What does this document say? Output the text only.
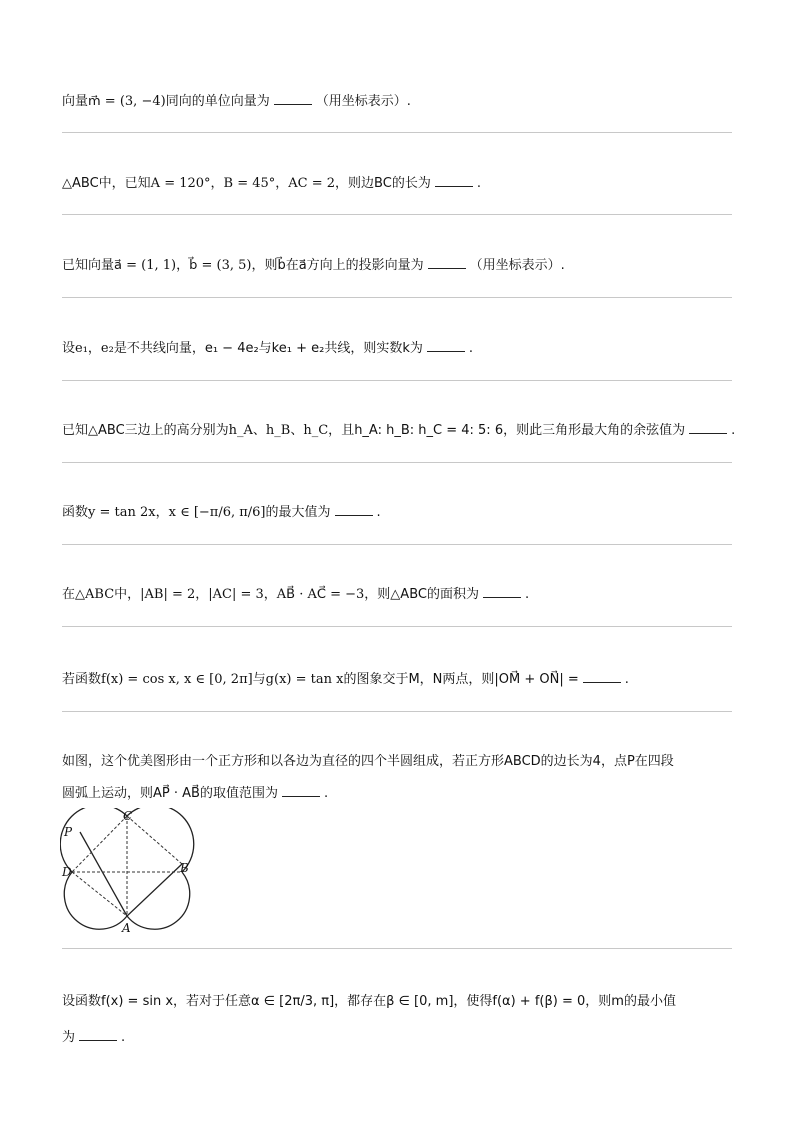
向量m⃗ = (3, −4)同向的单位向量为	（用坐标表示）.
△ABC中，已知A = 120°，B = 45°，AC = 2，则边BC的长为	.
已知向量a⃗ = (1, 1)，b⃗ = (3, 5)，则b⃗在a⃗方向上的投影向量为	（用坐标表示）.
设e₁，e₂是不共线向量，e₁ − 4e₂与ke₁ + e₂共线，则实数k为	.
已知△ABC三边上的高分别为h_A、h_B、h_C，且h_A: h_B: h_C = 4: 5: 6，则此三角形最大角的余弦值为	.
函数y = tan 2x，x ∈ [−π/6, π/6]的最大值为	.
在△ABC中，|AB| = 2，|AC| = 3，AB⃗ · AC⃗ = −3，则△ABC的面积为	.
若函数f(x) = cos x, x ∈ [0, 2π]与g(x) = tan x的图象交于M，N两点，则|OM⃗ + ON⃗| =	.
如图，这个优美图形由一个正方形和以各边为直径的四个半圆组成，若正方形ABCD的边长为4，点P在四段
圆弧上运动，则AP⃗ · AB⃗的取值范围为	.
P
C
D	B
A
设函数f(x) = sin x，若对于任意α ∈ [2π/3, π]，都存在β ∈ [0, m]，使得f(α) + f(β) = 0，则m的最小值
为	.
